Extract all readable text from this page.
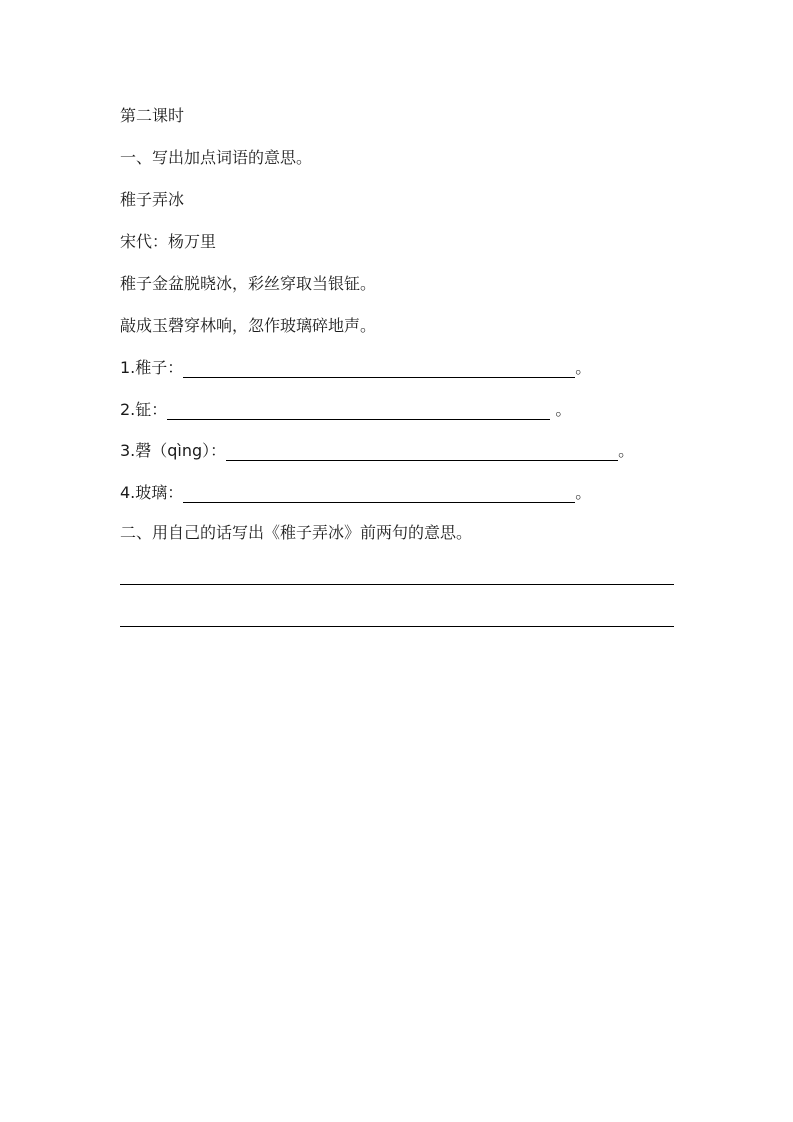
第二课时
一、写出加点词语的意思。
稚子弄冰
宋代：杨万里
稚子金盆脱晓冰，彩丝穿取当银钲。
敲成玉磬穿林响，忽作玻璃碎地声。
1.稚子：	。
2.钲：	。
3.磬（qìng）：	。
4.玻璃：	。
二、用自己的话写出《稚子弄冰》前两句的意思。
